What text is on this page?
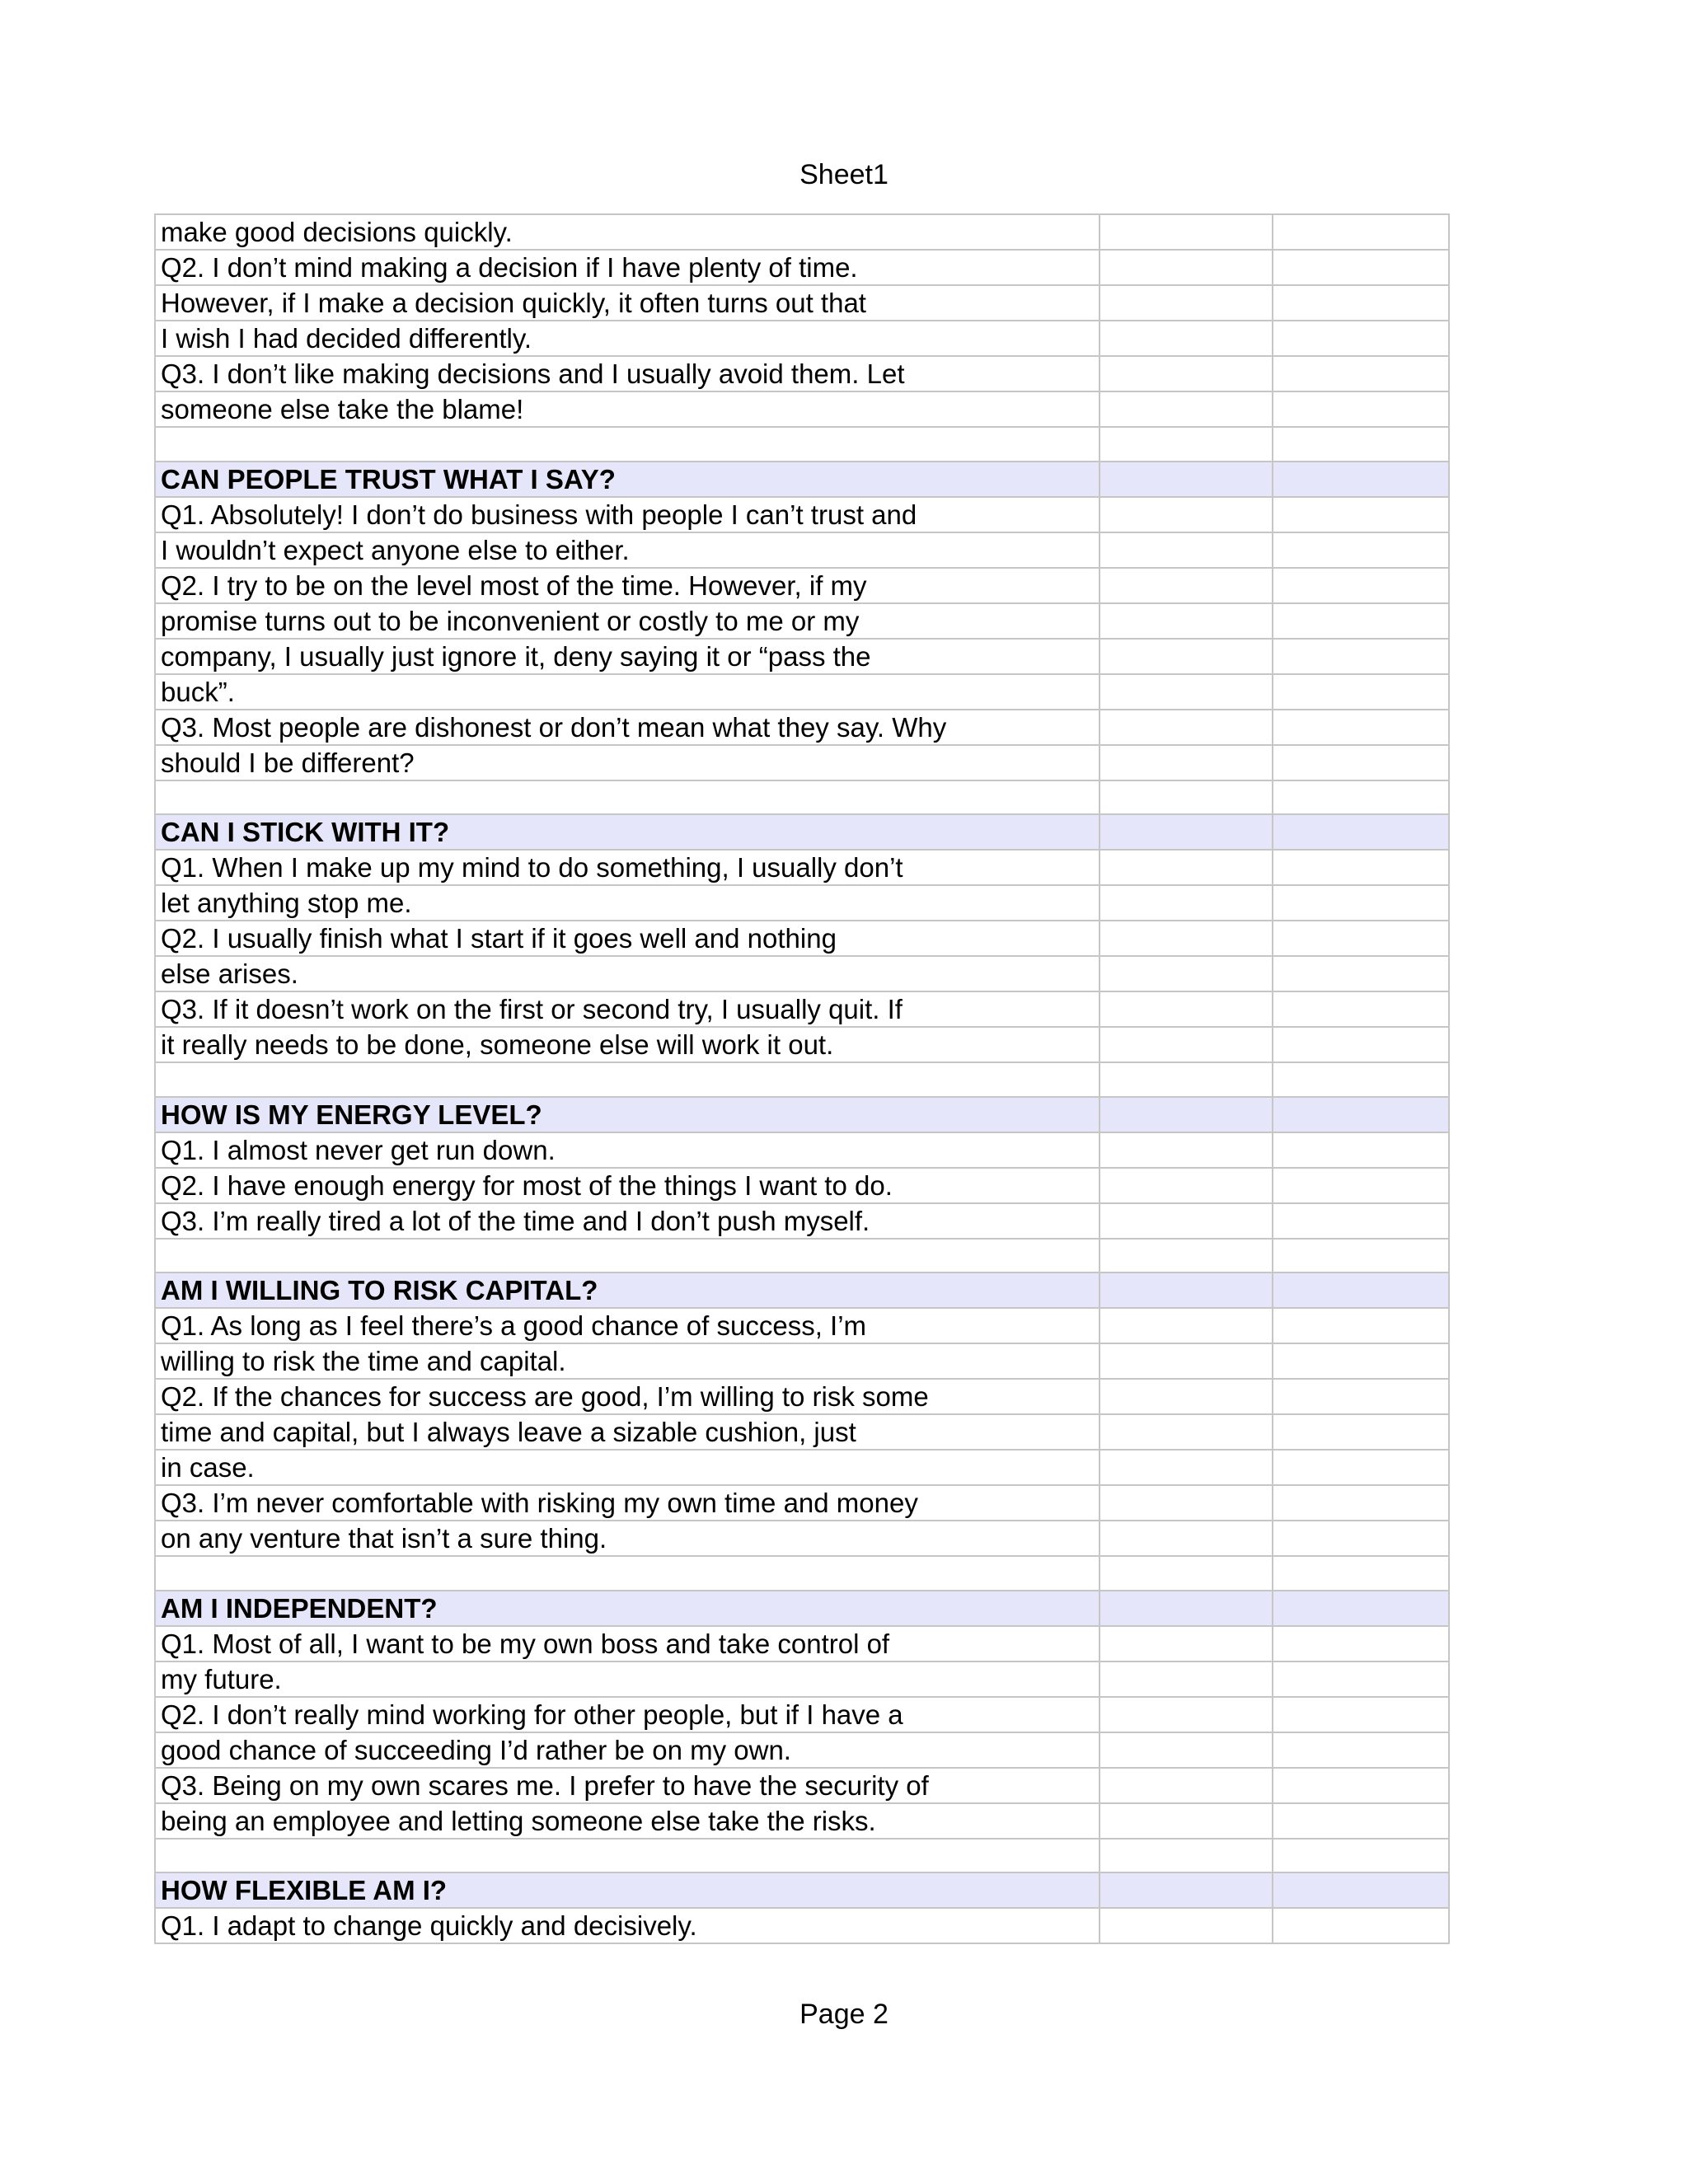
Sheet1
make good decisions quickly.		
Q2. I don’t mind making a decision if I have plenty of time.		
However, if I make a decision quickly, it often turns out that		
I wish I had decided differently.		
Q3. I don’t like making decisions and I usually avoid them. Let		
someone else take the blame!		

CAN PEOPLE TRUST WHAT I SAY?		
Q1. Absolutely! I don’t do business with people I can’t trust and		
I wouldn’t expect anyone else to either.		
Q2. I try to be on the level most of the time. However, if my		
promise turns out to be inconvenient or costly to me or my		
company, I usually just ignore it, deny saying it or “pass the		
buck”.		
Q3. Most people are dishonest or don’t mean what they say. Why		
should I be different?		

CAN I STICK WITH IT?		
Q1. When I make up my mind to do something, I usually don’t		
let anything stop me.		
Q2. I usually finish what I start if it goes well and nothing		
else arises.		
Q3. If it doesn’t work on the first or second try, I usually quit. If		
it really needs to be done, someone else will work it out.		

HOW IS MY ENERGY LEVEL?		
Q1. I almost never get run down.		
Q2. I have enough energy for most of the things I want to do.		
Q3. I’m really tired a lot of the time and I don’t push myself.		

AM I WILLING TO RISK CAPITAL?		
Q1. As long as I feel there’s a good chance of success, I’m		
willing to risk the time and capital.		
Q2. If the chances for success are good, I’m willing to risk some		
time and capital, but I always leave a sizable cushion, just		
in case.		
Q3. I’m never comfortable with risking my own time and money		
on any venture that isn’t a sure thing.		

AM I INDEPENDENT?		
Q1. Most of all, I want to be my own boss and take control of		
my future.		
Q2. I don’t really mind working for other people, but if I have a		
good chance of succeeding I’d rather be on my own.		
Q3. Being on my own scares me. I prefer to have the security of		
being an employee and letting someone else take the risks.		

HOW FLEXIBLE AM I?		
Q1. I adapt to change quickly and decisively.		
Page 2
